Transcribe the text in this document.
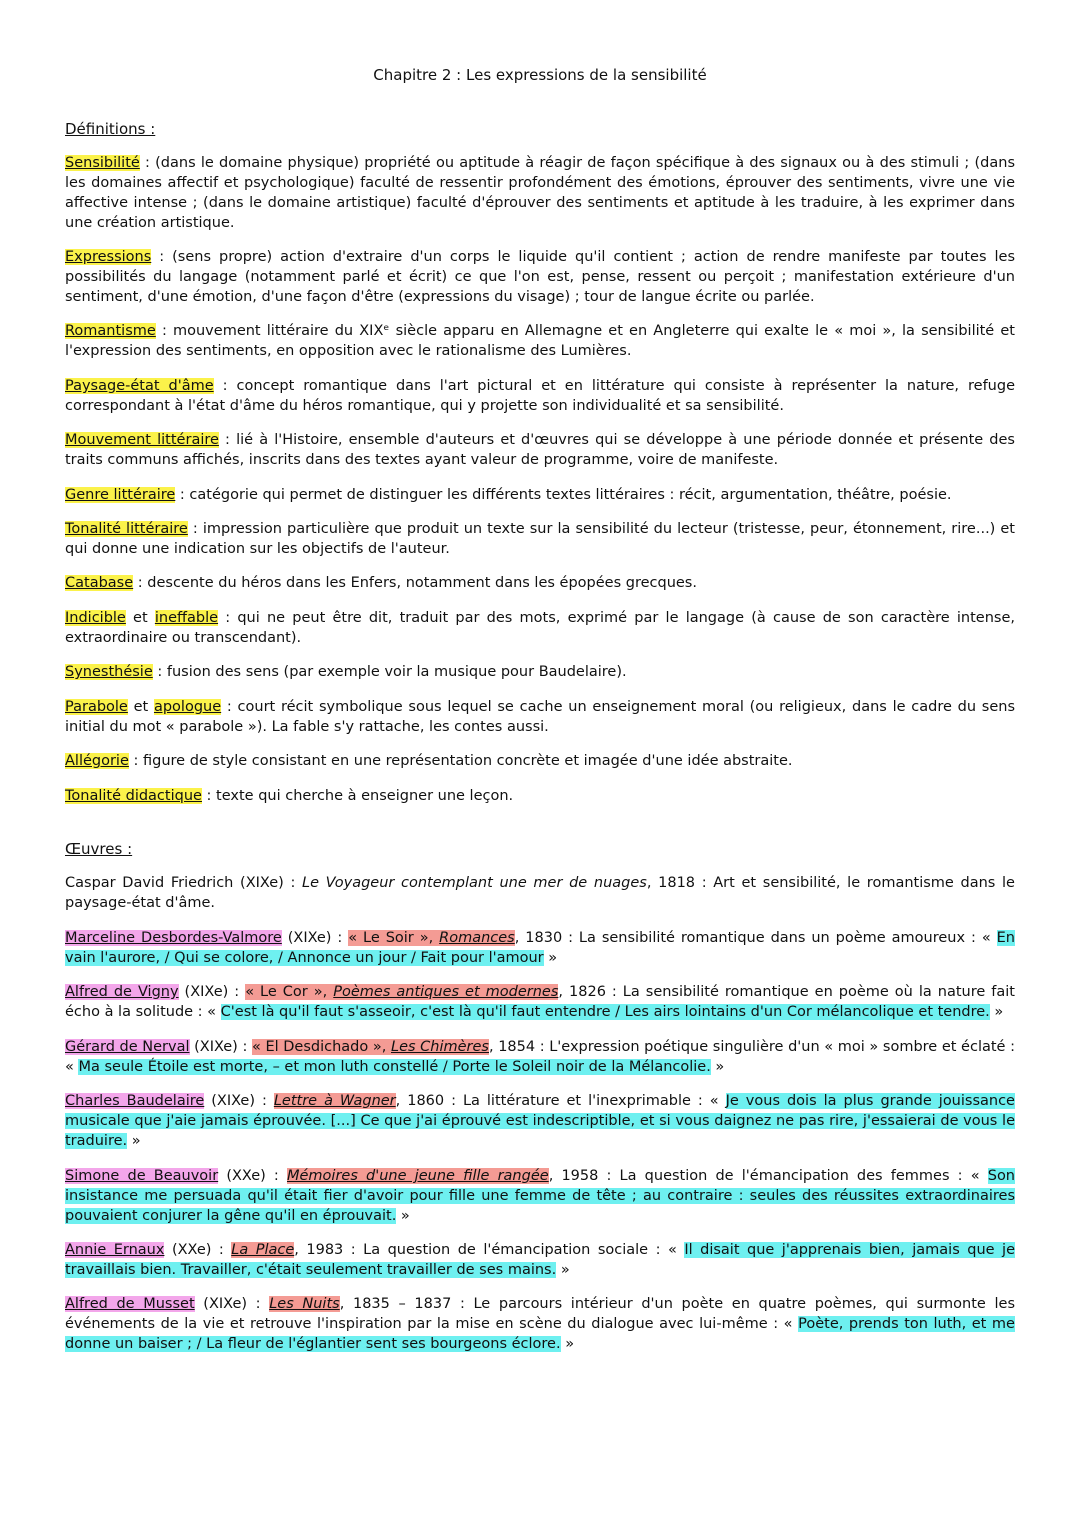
Chapitre 2 : Les expressions de la sensibilité
Définitions :
Sensibilité : (dans le domaine physique) propriété ou aptitude à réagir de façon spécifique à des signaux ou à des stimuli ; (dans les domaines affectif et psychologique) faculté de ressentir profondément des émotions, éprouver des sentiments, vivre une vie affective intense ; (dans le domaine artistique) faculté d'éprouver des sentiments et aptitude à les traduire, à les exprimer dans une création artistique.
Expressions : (sens propre) action d'extraire d'un corps le liquide qu'il contient ; action de rendre manifeste par toutes les possibilités du langage (notamment parlé et écrit) ce que l'on est, pense, ressent ou perçoit ; manifestation extérieure d'un sentiment, d'une émotion, d'une façon d'être (expressions du visage) ; tour de langue écrite ou parlée.
Romantisme : mouvement littéraire du XIXᵉ siècle apparu en Allemagne et en Angleterre qui exalte le « moi », la sensibilité et l'expression des sentiments, en opposition avec le rationalisme des Lumières.
Paysage-état d'âme : concept romantique dans l'art pictural et en littérature qui consiste à représenter la nature, refuge correspondant à l'état d'âme du héros romantique, qui y projette son individualité et sa sensibilité.
Mouvement littéraire : lié à l'Histoire, ensemble d'auteurs et d'œuvres qui se développe à une période donnée et présente des traits communs affichés, inscrits dans des textes ayant valeur de programme, voire de manifeste.
Genre littéraire : catégorie qui permet de distinguer les différents textes littéraires : récit, argumentation, théâtre, poésie.
Tonalité littéraire : impression particulière que produit un texte sur la sensibilité du lecteur (tristesse, peur, étonnement, rire...) et qui donne une indication sur les objectifs de l'auteur.
Catabase : descente du héros dans les Enfers, notamment dans les épopées grecques.
Indicible et ineffable : qui ne peut être dit, traduit par des mots, exprimé par le langage (à cause de son caractère intense, extraordinaire ou transcendant).
Synesthésie : fusion des sens (par exemple voir la musique pour Baudelaire).
Parabole et apologue : court récit symbolique sous lequel se cache un enseignement moral (ou religieux, dans le cadre du sens initial du mot « parabole »). La fable s'y rattache, les contes aussi.
Allégorie : figure de style consistant en une représentation concrète et imagée d'une idée abstraite.
Tonalité didactique : texte qui cherche à enseigner une leçon.
Œuvres :
Caspar David Friedrich (XIXe) : Le Voyageur contemplant une mer de nuages, 1818 : Art et sensibilité, le romantisme dans le paysage-état d'âme.
Marceline Desbordes-Valmore (XIXe) : « Le Soir », Romances, 1830 : La sensibilité romantique dans un poème amoureux : « En vain l'aurore, / Qui se colore, / Annonce un jour / Fait pour l'amour »
Alfred de Vigny (XIXe) : « Le Cor », Poèmes antiques et modernes, 1826 : La sensibilité romantique en poème où la nature fait écho à la solitude : « C'est là qu'il faut s'asseoir, c'est là qu'il faut entendre / Les airs lointains d'un Cor mélancolique et tendre. »
Gérard de Nerval (XIXe) : « El Desdichado », Les Chimères, 1854 : L'expression poétique singulière d'un « moi » sombre et éclaté : « Ma seule Étoile est morte, – et mon luth constellé / Porte le Soleil noir de la Mélancolie. »
Charles Baudelaire (XIXe) : Lettre à Wagner, 1860 : La littérature et l'inexprimable : « Je vous dois la plus grande jouissance musicale que j'aie jamais éprouvée. [...] Ce que j'ai éprouvé est indescriptible, et si vous daignez ne pas rire, j'essaierai de vous le traduire. »
Simone de Beauvoir (XXe) : Mémoires d'une jeune fille rangée, 1958 : La question de l'émancipation des femmes : « Son insistance me persuada qu'il était fier d'avoir pour fille une femme de tête ; au contraire : seules des réussites extraordinaires pouvaient conjurer la gêne qu'il en éprouvait. »
Annie Ernaux (XXe) : La Place, 1983 : La question de l'émancipation sociale : « Il disait que j'apprenais bien, jamais que je travaillais bien. Travailler, c'était seulement travailler de ses mains. »
Alfred de Musset (XIXe) : Les Nuits, 1835 – 1837 : Le parcours intérieur d'un poète en quatre poèmes, qui surmonte les événements de la vie et retrouve l'inspiration par la mise en scène du dialogue avec lui-même : « Poète, prends ton luth, et me donne un baiser ; / La fleur de l'églantier sent ses bourgeons éclore. »
